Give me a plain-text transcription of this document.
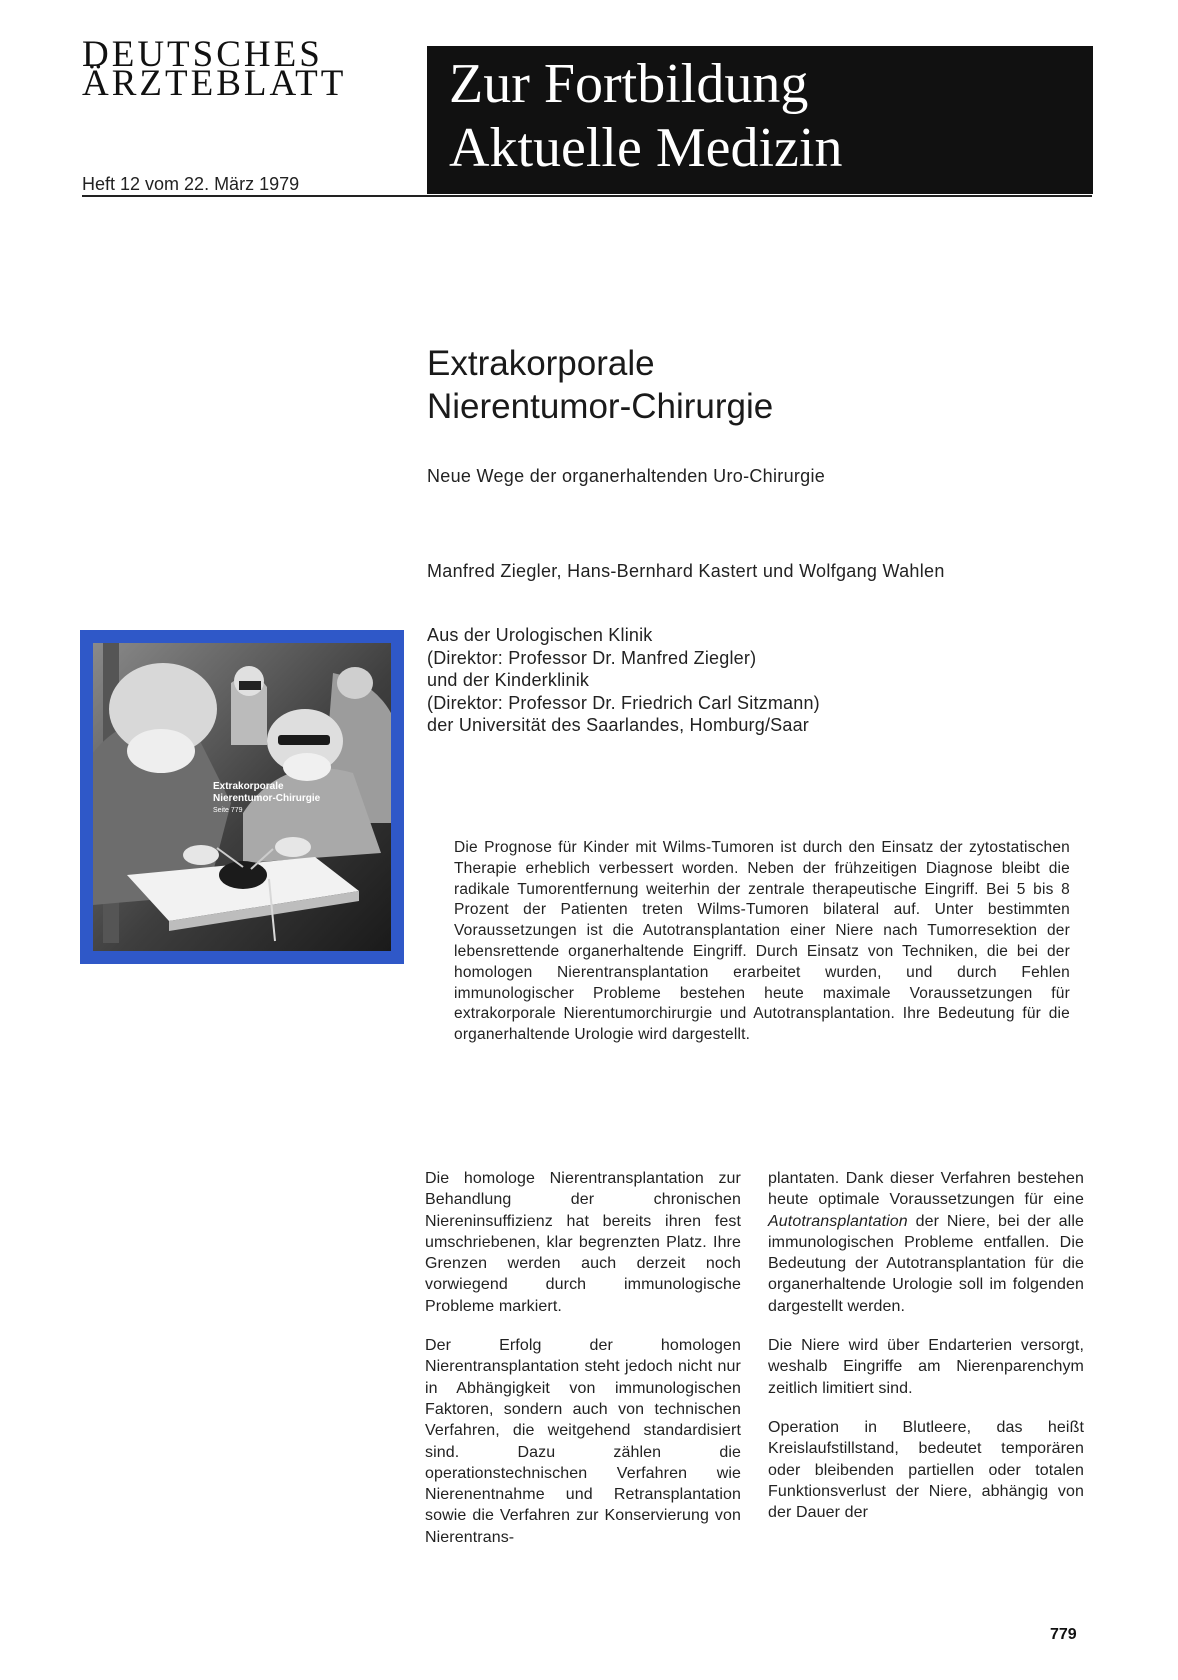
DEUTSCHES
ÄRZTEBLATT
Heft 12 vom 22. März 1979
Zur Fortbildung
Aktuelle Medizin
Extrakorporale
Nierentumor-Chirurgie
Neue Wege der organerhaltenden Uro-Chirurgie
Manfred Ziegler, Hans-Bernhard Kastert und Wolfgang Wahlen
Aus der Urologischen Klinik
(Direktor: Professor Dr. Manfred Ziegler)
und der Kinderklinik
(Direktor: Professor Dr. Friedrich Carl Sitzmann)
der Universität des Saarlandes, Homburg/Saar
Extrakorporale
Nierentumor-Chirurgie
Seite 779

Die Prognose für Kinder mit Wilms-Tumoren ist durch den Einsatz der zytostatischen Therapie erheblich verbessert worden. Neben der frühzeitigen Diagnose bleibt die radikale Tumorentfernung weiterhin der zentrale therapeutische Eingriff. Bei 5 bis 8 Prozent der Patienten treten Wilms-Tumoren bilateral auf. Unter bestimmten Voraussetzungen ist die Autotransplantation einer Niere nach Tumorresektion der lebensrettende organerhaltende Eingriff. Durch Einsatz von Techniken, die bei der homologen Nierentransplantation erarbeitet wurden, und durch Fehlen immunologischer Probleme bestehen heute maximale Voraussetzungen für extrakorporale Nierentumorchirurgie und Autotransplantation. Ihre Bedeutung für die organerhaltende Urologie wird dargestellt.

Die homologe Nierentransplantation zur Behandlung der chronischen Niereninsuffizienz hat bereits ihren fest umschriebenen, klar begrenzten Platz. Ihre Grenzen werden auch derzeit noch vorwiegend durch immunologische Probleme markiert.

Der Erfolg der homologen Nierentransplantation steht jedoch nicht nur in Abhängigkeit von immunologischen Faktoren, sondern auch von technischen Verfahren, die weitgehend standardisiert sind. Dazu zählen die operationstechnischen Verfahren wie Nierenentnahme und Retransplantation sowie die Verfahren zur Konservierung von Nierentrans-

plantaten. Dank dieser Verfahren bestehen heute optimale Voraussetzungen für eine Autotransplantation der Niere, bei der alle immunologischen Probleme entfallen. Die Bedeutung der Autotransplantation für die organerhaltende Urologie soll im folgenden dargestellt werden.

Die Niere wird über Endarterien versorgt, weshalb Eingriffe am Nierenparenchym zeitlich limitiert sind.

Operation in Blutleere, das heißt Kreislaufstillstand, bedeutet temporären oder bleibenden partiellen oder totalen Funktionsverlust der Niere, abhängig von der Dauer der

779
